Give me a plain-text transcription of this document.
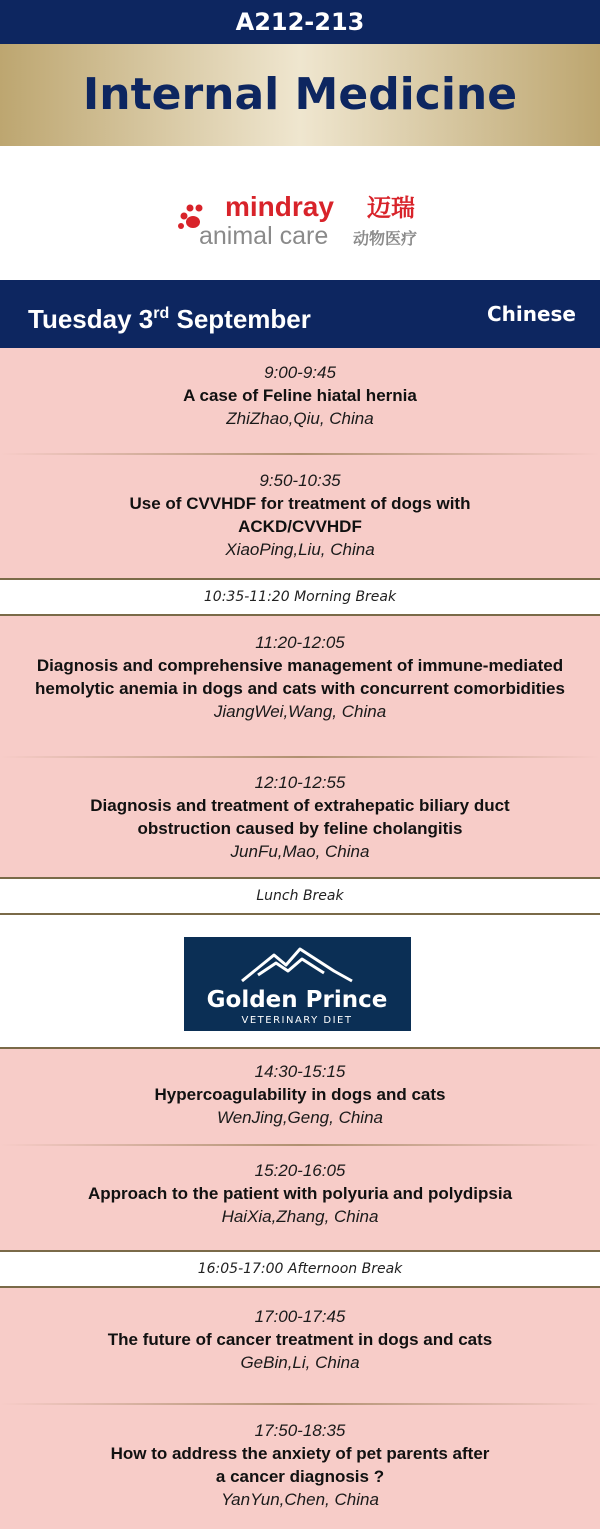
A212-213
Internal Medicine
mindray 迈瑞
animal care 动物医疗
Tuesday 3rd September	Chinese
9:00-9:45
A case of Feline hiatal hernia
ZhiZhao,Qiu, China
9:50-10:35
Use of CVVHDF for treatment of dogs with ACKD/CVVHDF
XiaoPing,Liu, China
10:35-11:20 Morning Break
11:20-12:05
Diagnosis and comprehensive management of immune-mediated hemolytic anemia in dogs and cats with concurrent comorbidities
JiangWei,Wang, China
12:10-12:55
Diagnosis and treatment of extrahepatic biliary duct obstruction caused by feline cholangitis
JunFu,Mao, China
Lunch Break
Golden Prince
VETERINARY DIET
14:30-15:15
Hypercoagulability in dogs and cats
WenJing,Geng, China
15:20-16:05
Approach to the patient with polyuria and polydipsia
HaiXia,Zhang, China
16:05-17:00 Afternoon Break
17:00-17:45
The future of cancer treatment in dogs and cats
GeBin,Li, China
17:50-18:35
How to address the anxiety of pet parents after a cancer diagnosis ?
YanYun,Chen, China
